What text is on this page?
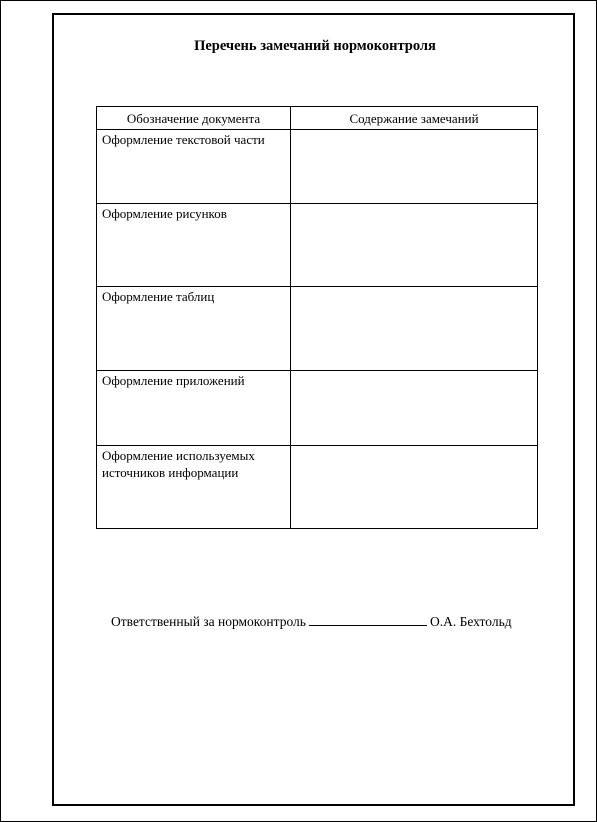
Перечень замечаний нормоконтроля
Обозначение документа	Содержание замечаний
Оформление текстовой части	
Оформление рисунков	
Оформление таблиц	
Оформление приложений	
Оформление используемых источников информации	
Ответственный за нормоконтроль	О.А. Бехтольд
